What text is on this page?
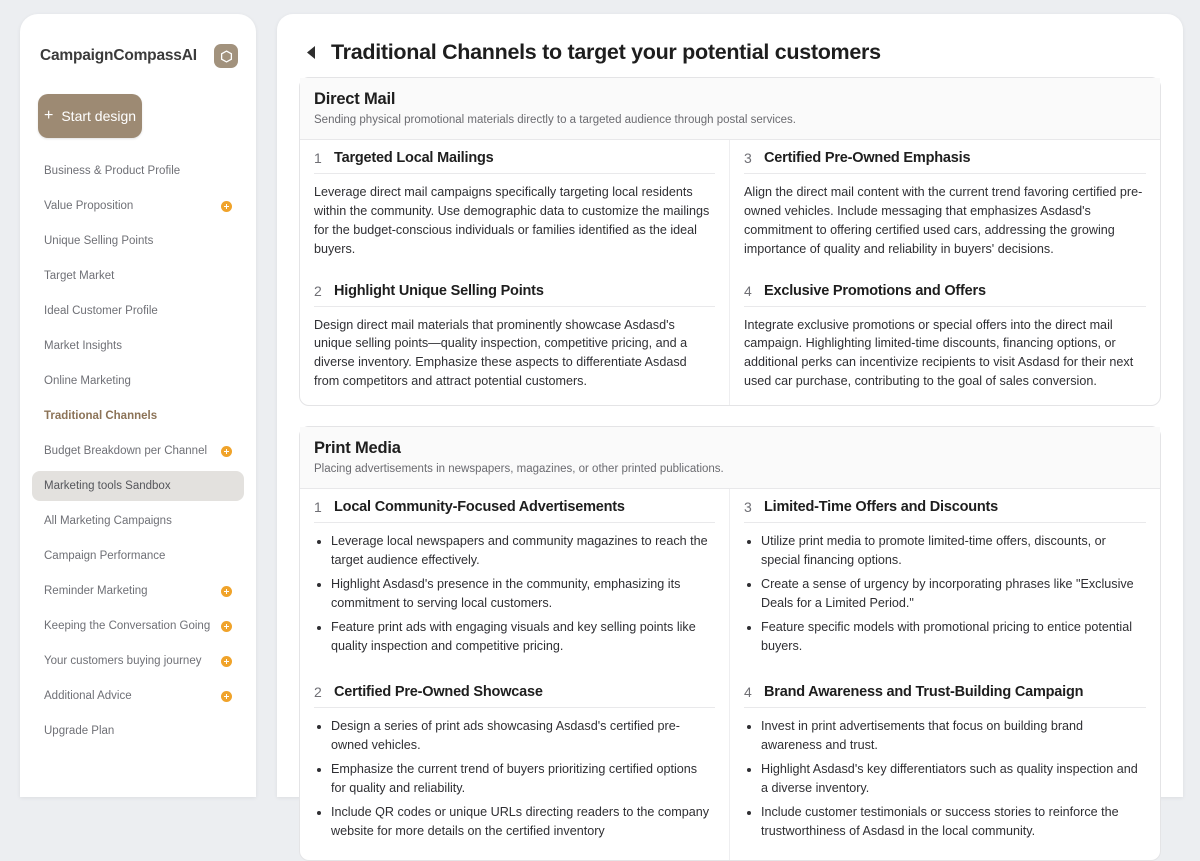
CampaignCompassAI
+ Start design
Business & Product Profile
Value Proposition
Unique Selling Points
Target Market
Ideal Customer Profile
Market Insights
Online Marketing
Traditional Channels
Budget Breakdown per Channel
Marketing tools Sandbox
All Marketing Campaigns
Campaign Performance
Reminder Marketing
Keeping the Conversation Going
Your customers buying journey
Additional Advice
Upgrade Plan
Traditional Channels to target your potential customers
Direct Mail
Sending physical promotional materials directly to a targeted audience through postal services.
1 Targeted Local Mailings
Leverage direct mail campaigns specifically targeting local residents within the community. Use demographic data to customize the mailings for the budget-conscious individuals or families identified as the ideal buyers.
3 Certified Pre-Owned Emphasis
Align the direct mail content with the current trend favoring certified pre-owned vehicles. Include messaging that emphasizes Asdasd's commitment to offering certified used cars, addressing the growing importance of quality and reliability in buyers' decisions.
2 Highlight Unique Selling Points
Design direct mail materials that prominently showcase Asdasd's unique selling points—quality inspection, competitive pricing, and a diverse inventory. Emphasize these aspects to differentiate Asdasd from competitors and attract potential customers.
4 Exclusive Promotions and Offers
Integrate exclusive promotions or special offers into the direct mail campaign. Highlighting limited-time discounts, financing options, or additional perks can incentivize recipients to visit Asdasd for their next used car purchase, contributing to the goal of sales conversion.
Print Media
Placing advertisements in newspapers, magazines, or other printed publications.
1 Local Community-Focused Advertisements
• Leverage local newspapers and community magazines to reach the target audience effectively.
• Highlight Asdasd's presence in the community, emphasizing its commitment to serving local customers.
• Feature print ads with engaging visuals and key selling points like quality inspection and competitive pricing.
3 Limited-Time Offers and Discounts
• Utilize print media to promote limited-time offers, discounts, or special financing options.
• Create a sense of urgency by incorporating phrases like "Exclusive Deals for a Limited Period."
• Feature specific models with promotional pricing to entice potential buyers.
2 Certified Pre-Owned Showcase
• Design a series of print ads showcasing Asdasd's certified pre-owned vehicles.
• Emphasize the current trend of buyers prioritizing certified options for quality and reliability.
• Include QR codes or unique URLs directing readers to the company website for more details on the certified inventory
4 Brand Awareness and Trust-Building Campaign
• Invest in print advertisements that focus on building brand awareness and trust.
• Highlight Asdasd's key differentiators such as quality inspection and a diverse inventory.
• Include customer testimonials or success stories to reinforce the trustworthiness of Asdasd in the local community.
